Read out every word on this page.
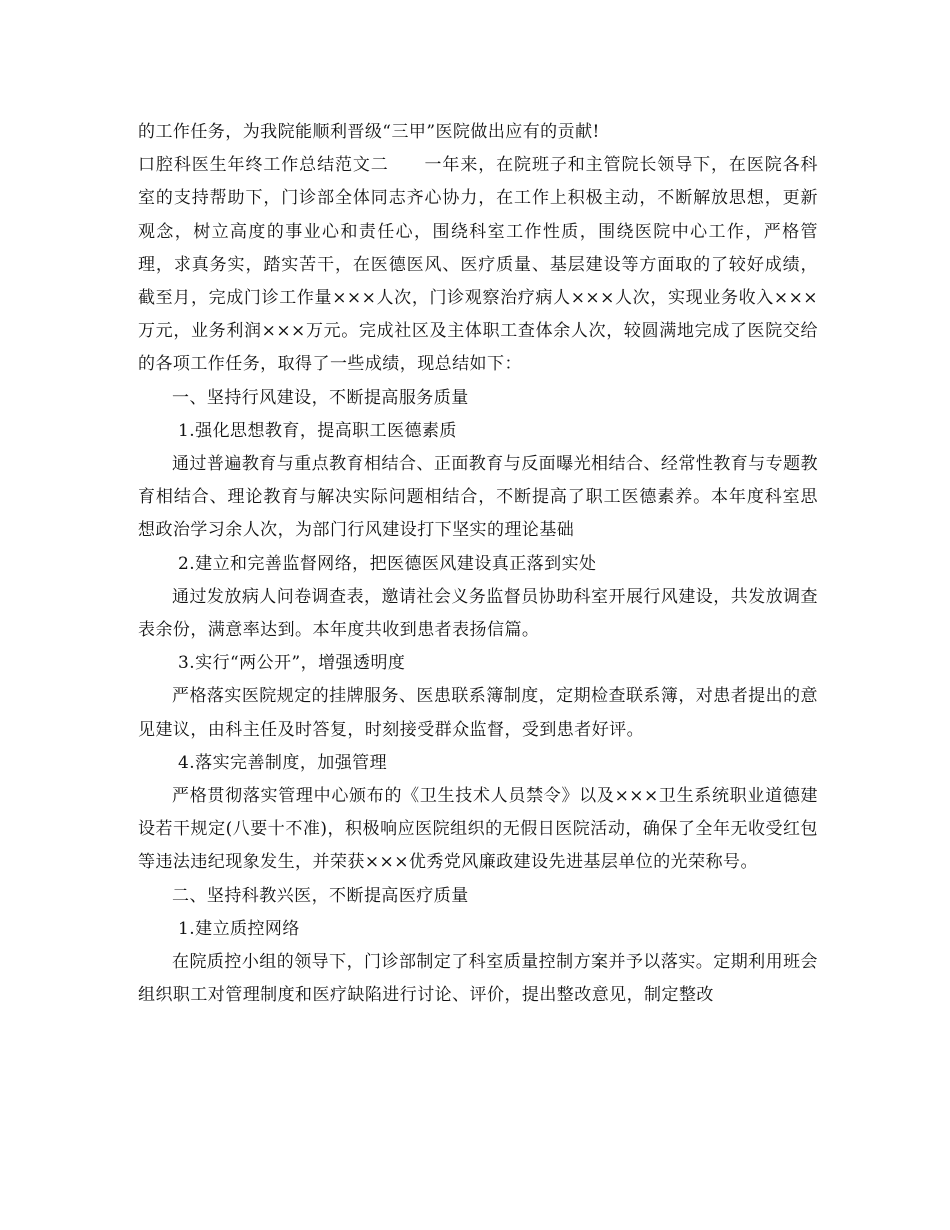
的工作任务，为我院能顺利晋级“三甲”医院做出应有的贡献!
口腔科医生年终工作总结范文二　　一年来，在院班子和主管院长领导下，在医院各科室的支持帮助下，门诊部全体同志齐心协力，在工作上积极主动，不断解放思想，更新观念，树立高度的事业心和责任心，围绕科室工作性质，围绕医院中心工作，严格管理，求真务实，踏实苦干，在医德医风、医疗质量、基层建设等方面取的了较好成绩，截至月，完成门诊工作量×××人次，门诊观察治疗病人×××人次，实现业务收入×××万元，业务利润×××万元。完成社区及主体职工查体余人次，较圆满地完成了医院交给的各项工作任务，取得了一些成绩，现总结如下：
一、坚持行风建设，不断提高服务质量
1.强化思想教育，提高职工医德素质
通过普遍教育与重点教育相结合、正面教育与反面曝光相结合、经常性教育与专题教育相结合、理论教育与解决实际问题相结合，不断提高了职工医德素养。本年度科室思想政治学习余人次，为部门行风建设打下坚实的理论基础
2.建立和完善监督网络，把医德医风建设真正落到实处
通过发放病人问卷调查表，邀请社会义务监督员协助科室开展行风建设，共发放调查表余份，满意率达到。本年度共收到患者表扬信篇。
3.实行“两公开”，增强透明度
严格落实医院规定的挂牌服务、医患联系簿制度，定期检查联系簿，对患者提出的意见建议，由科主任及时答复，时刻接受群众监督，受到患者好评。
4.落实完善制度，加强管理
严格贯彻落实管理中心颁布的《卫生技术人员禁令》以及×××卫生系统职业道德建设若干规定(八要十不准)，积极响应医院组织的无假日医院活动，确保了全年无收受红包等违法违纪现象发生，并荣获×××优秀党风廉政建设先进基层单位的光荣称号。
二、坚持科教兴医，不断提高医疗质量
1.建立质控网络
在院质控小组的领导下，门诊部制定了科室质量控制方案并予以落实。定期利用班会组织职工对管理制度和医疗缺陷进行讨论、评价，提出整改意见，制定整改
